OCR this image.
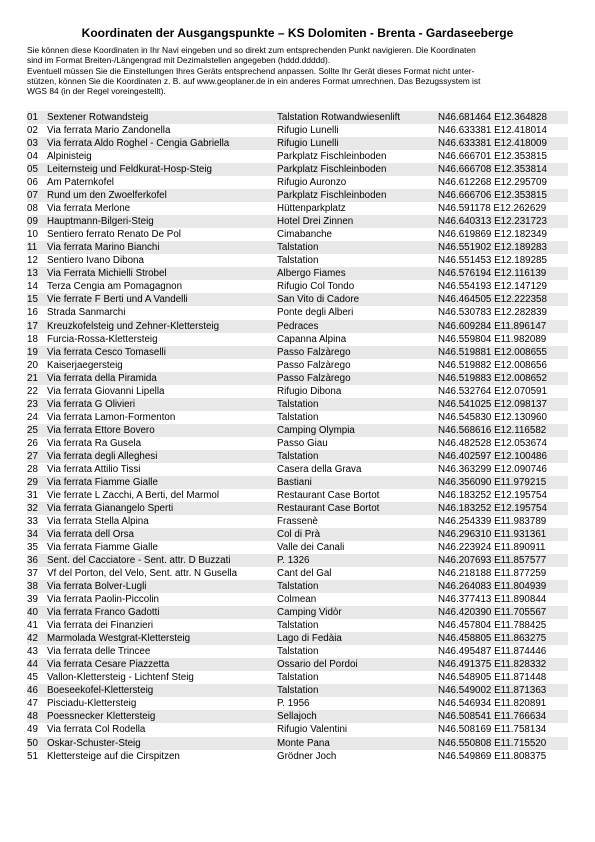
Koordinaten der Ausgangspunkte – KS Dolomiten - Brenta - Gardaseeberge

Sie können diese Koordinaten in Ihr Navi eingeben und so direkt zum entsprechenden Punkt navigieren. Die Koordinaten

sind im Format Breiten-/Längengrad mit Dezimalstellen angegeben (hddd.ddddd).

Eventuell müssen Sie die Einstellungen Ihres Geräts entsprechend anpassen. Sollte Ihr Gerät dieses Format nicht unter-

stützen, können Sie die Koordinaten z. B. auf www.geoplaner.de in ein anderes Format umrechnen. Das Bezugssystem ist

WGS 84 (in der Regel voreingestellt).

01	Sextener Rotwandsteig	Talstation Rotwandwiesenlift	N46.681464 E12.364828
02	Via ferrata Mario Zandonella	Rifugio Lunelli	N46.633381 E12.418014
03	Via ferrata Aldo Roghel - Cengia Gabriella	Rifugio Lunelli	N46.633381 E12.418009
04	Alpinisteig	Parkplatz Fischleinboden	N46.666701 E12.353815
05	Leiternsteig und Feldkurat-Hosp-Steig	Parkplatz Fischleinboden	N46.666708 E12.353814
06	Am Paternkofel	Rifugio Auronzo	N46.612268 E12.295709
07	Rund um den Zwoelferkofel	Parkplatz Fischleinboden	N46.666706 E12.353815
08	Via ferrata Merlone	Hüttenparkplatz	N46.591178 E12.262629
09	Hauptmann-Bilgeri-Steig	Hotel Drei Zinnen	N46.640313 E12.231723
10	Sentiero ferrato Renato De Pol	Cimabanche	N46.619869 E12.182349
11	Via ferrata Marino Bianchi	Talstation	N46.551902 E12.189283
12	Sentiero Ivano Dibona	Talstation	N46.551453 E12.189285
13	Via Ferrata Michielli Strobel	Albergo Fiames	N46.576194 E12.116139
14	Terza Cengia am Pomagagnon	Rifugio Col Tondo	N46.554193 E12.147129
15	Vie ferrate F Berti und A Vandelli	San Vito di Cadore	N46.464505 E12.222358
16	Strada Sanmarchi	Ponte degli Alberi	N46.530783 E12.282839
17	Kreuzkofelsteig und Zehner-Klettersteig	Pedraces	N46.609284 E11.896147
18	Furcia-Rossa-Klettersteig	Capanna Alpina	N46.559804 E11.982089
19	Via ferrata Cesco Tomaselli	Passo Falzàrego	N46.519881 E12.008655
20	Kaiserjaegersteig	Passo Falzàrego	N46.519882 E12.008656
21	Via ferrata della Piramida	Passo Falzàrego	N46.519883 E12.008652
22	Via ferrata Giovanni Lipella	Rifugio Dibona	N46.532764 E12.070591
23	Via ferrata G Olivieri	Talstation	N46.541025 E12.098137
24	Via ferrata Lamon-Formenton	Talstation	N46.545830 E12.130960
25	Via ferrata Ettore Bovero	Camping Olympia	N46.568616 E12.116582
26	Via ferrata Ra Gusela	Passo Giau	N46.482528 E12.053674
27	Via ferrata degli Alleghesi	Talstation	N46.402597 E12.100486
28	Via ferrata Attilio Tissi	Casera della Grava	N46.363299 E12.090746
29	Via ferrata Fiamme Gialle	Bastiani	N46.356090 E11.979215
31	Vie ferrate L Zacchi, A Berti, del Marmol	Restaurant Case Bortot	N46.183252 E12.195754
32	Via ferrata Gianangelo Sperti	Restaurant Case Bortot	N46.183252 E12.195754
33	Via ferrata Stella Alpina	Frassenè	N46.254339 E11.983789
34	Via ferrata dell Orsa	Col di Prà	N46.296310 E11.931361
35	Via ferrata Fiamme Gialle	Valle dei Canali	N46.223924 E11.890911
36	Sent. del Cacciatore - Sent. attr. D Buzzati	P. 1326	N46.207693 E11.857577
37	Vf del Porton, del Velo, Sent. attr. N Gusella	Cant del Gal	N46.218188 E11.877259
38	Via ferrata Bolver-Lugli	Talstation	N46.264083 E11.804939
39	Via ferrata Paolin-Piccolin	Colmean	N46.377413 E11.890844
40	Via ferrata Franco Gadotti	Camping Vidòr	N46.420390 E11.705567
41	Via ferrata dei Finanzieri	Talstation	N46.457804 E11.788425
42	Marmolada Westgrat-Klettersteig	Lago di Fedàia	N46.458805 E11.863275
43	Via ferrata delle Trincee	Talstation	N46.495487 E11.874446
44	Via ferrata Cesare Piazzetta	Ossario del Pordoi	N46.491375 E11.828332
45	Vallon-Klettersteig - Lichtenf Steig	Talstation	N46.548905 E11.871448
46	Boeseekofel-Klettersteig	Talstation	N46.549002 E11.871363
47	Pisciadu-Klettersteig	P. 1956	N46.546934 E11.820891
48	Poessnecker Klettersteig	Sellajoch	N46.508541 E11.766634
49	Via ferrata Col Rodella	Rifugio Valentini	N46.508169 E11.758134
50	Oskar-Schuster-Steig	Monte Pana	N46.550808 E11.715520
51	Klettersteige auf die Cirspitzen	Grödner Joch	N46.549869 E11.808375
